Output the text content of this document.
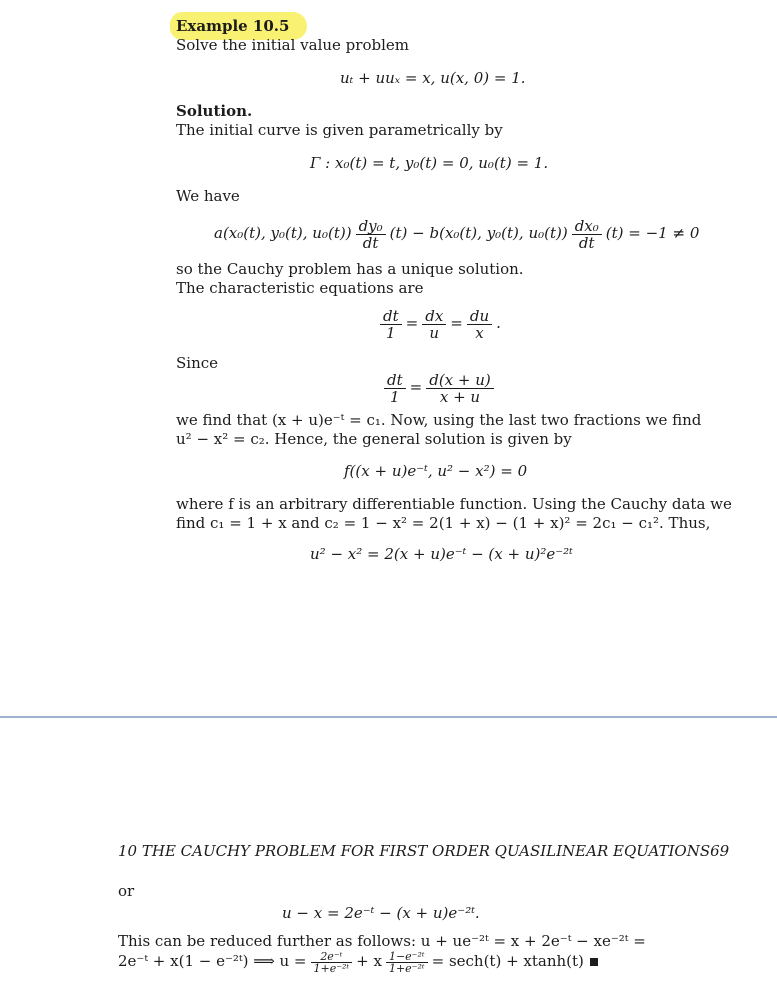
Example 10.5
Solve the initial value problem
uₜ + uuₓ = x, u(x, 0) = 1.
Solution.
The initial curve is given parametrically by
Γ : x₀(t) = t, y₀(t) = 0, u₀(t) = 1.
We have
a(x₀(t), y₀(t), $u_0(t)) \frac{\text{dy₀}}{dt} (t) - b(x_0(t)$, y₀(t), $u_0(t)) \frac{\text{dx₀}}{dt} (t) = -1 \ne 0$
so the Cauchy problem has a unique solution.
The characteristic equations are
$\frac{dt}{1} = \frac{dx}{u} = \frac{du}{x}$ .
Since
$\frac{dt}{1} = \frac{d(x + u)}{x + u}$
we find that (x + u)e⁻ᵗ = c₁. Now, using the last two fractions we find
u² − x² = c₂. Hence, the general solution is given by
f((x + u)e⁻ᵗ, u² − x²) = 0
where f is an arbitrary differentiable function. Using the Cauchy data we
find c₁ = 1 + x and c₂ = 1 − x² = 2(1 + x) − (1 + x)² = 2c₁ − c₁². Thus,
u² − x² = 2(x + u)e⁻ᵗ − (x + u)²e⁻²ᵗ
10 THE CAUCHY PROBLEM FOR FIRST ORDER QUASILINEAR EQUATIONS69
or
u − x = 2e⁻ᵗ − (x + u)e⁻²ᵗ.
This can be reduced further as follows: u + ue⁻²ᵗ = x + 2e⁻ᵗ − xe⁻²ᵗ =
2e⁻ᵗ + x(1 − e⁻²ᵗ) ⟹ $u = \frac{\text{2e⁻ᵗ}}{\text{1+e⁻²ᵗ}} + x \frac{\text{1−e⁻²ᵗ}}{\text{1+e⁻²ᵗ}} = \sec h(t) + xtanh(t)$
